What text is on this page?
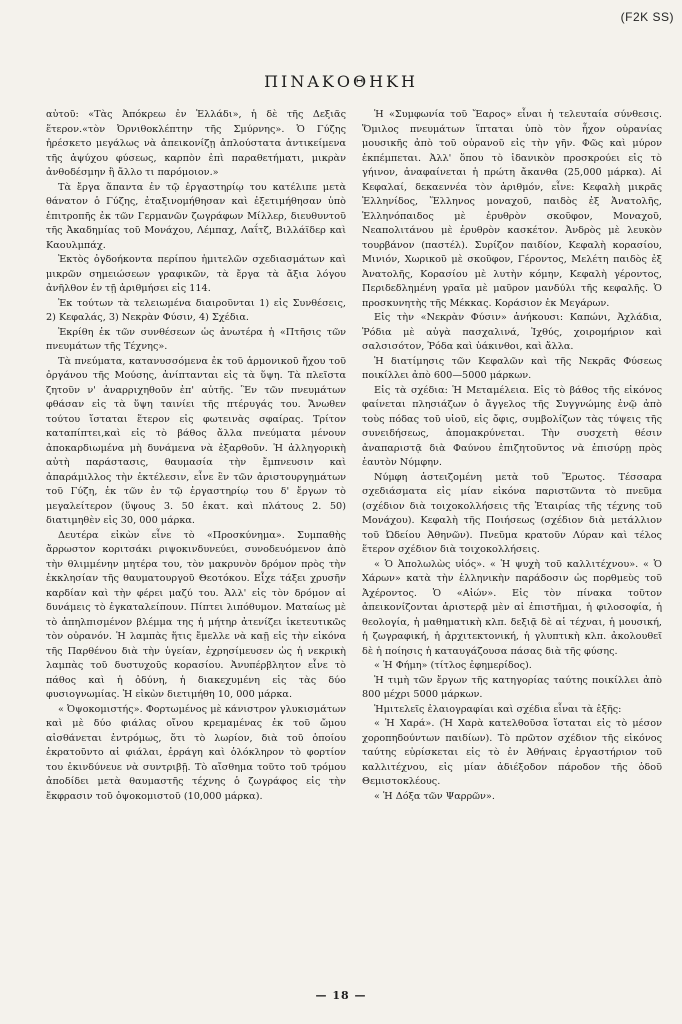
(F2K SS)
ΠΙΝΑΚΟΘΗΚΗ

αὐτοῦ: «Τὰς Ἀπόκρεω ἐν Ἑλλάδι», ἡ δὲ τῆς Δεξιᾶς ἕτερον.«τὸν Ὀρνιθοκλέπτην τῆς Σμύρνης». Ὁ Γύζης ἠρέσκετο μεγάλως νὰ ἀπεικονίζῃ ἀπλούστατα ἀντικείμενα τῆς ἀψύχου φύσεως, καρπὸν ἐπὶ παραθετήματι, μικρὰν ἀνθοδέσμην ἢ ἄλλο τι παρόμοιον.»

Τὰ ἔργα ἅπαντα ἐν τῷ ἐργαστηρίῳ του κατέλιπε μετὰ θάνατον ὁ Γύζης, ἐταξινομήθησαν καὶ ἐξετιμήθησαν ὑπὸ ἐπιτροπῆς ἐκ τῶν Γερμανῶν ζωγράφων Μίλλερ, διευθυντοῦ τῆς Ἀκαδημίας τοῦ Μονάχου, Λέμπαχ, Λαΐτζ, Βιλλάϊδερ καὶ Καουλμπάχ.

Ἐκτὸς ὀγδοήκοντα περίπου ἡμιτελῶν σχεδιασμάτων καὶ μικρῶν σημειώσεων γραφικῶν, τὰ ἔργα τὰ ἄξια λόγου ἀνῆλθον ἐν τῇ ἀριθμήσει εἰς 114.

Ἐκ τούτων τὰ τελειωμένα διαιροῦνται 1) εἰς Συνθέσεις, 2) Κεφαλάς, 3) Νεκρὰν Φύσιν, 4) Σχέδια.

Ἐκρίθη ἐκ τῶν συνθέσεων ὡς ἀνωτέρα ἡ «Πτῆσις τῶν πνευμάτων τῆς Τέχνης».

Τὰ πνεύματα, κατανυσσόμενα ἐκ τοῦ ἁρμονικοῦ ἤχου τοῦ ὀργάνου τῆς Μούσης, ἀνίπτανται εἰς τὰ ὕψη. Τὰ πλεῖστα ζητοῦν ν' ἁναρριχηθοῦν ἐπ' αὐτῆς. Ἓν τῶν πνευμάτων φθάσαν εἰς τὰ ὕψη ταινίει τῆς πτέρυγάς του. Ἄνωθεν τούτου ἵσταται ἕτερον εἰς φωτεινὰς σφαίρας. Τρίτον καταπίπτει,καὶ εἰς τὸ βάθος ἄλλα πνεύματα μένουν ἀποκαρδιωμένα μὴ δυνάμενα νὰ ἐξαρθοῦν. Ἡ ἀλληγορικὴ αὐτὴ παράστασις, θαυμασία τὴν ἔμπνευσιν καὶ ἀπαράμιλλος τὴν ἐκτέλεσιν, εἶνε ἓν τῶν ἀριστουργημάτων τοῦ Γύζη, ἐκ τῶν ἐν τῷ ἐργαστηρίῳ του δ' ἔργων τὸ μεγαλείτερον (ὕψους 3. 50 ἑκατ. καὶ πλάτους 2. 50) διατιμηθὲν εἰς 30, 000 μάρκα.

Δευτέρα εἰκὼν εἶνε τὸ «Προσκύνημα». Συμπαθὴς ἄρρωστον κοριτσάκι ριψοκινδυνεύει, συνοδευόμενον ἀπὸ τὴν θλιμμένην μητέρα του, τὸν μακρυνὸν δρόμον πρὸς τὴν ἐκκλησίαν τῆς θαυματουργοῦ Θεοτόκου. Εἶχε τάξει χρυσῆν καρδίαν καὶ τὴν φέρει μαζύ του. Ἀλλ' εἰς τὸν δρόμον αἱ δυνάμεις τὸ ἐγκαταλείπουν. Πίπτει λιπόθυμον. Ματαίως μὲ τὸ ἀπηλπισμένον βλέμμα της ἡ μήτηρ ἀτενίζει ἱκετευτικῶς τὸν οὐρανόν. Ἡ λαμπὰς ἥτις ἔμελλε νὰ καῇ εἰς τὴν εἰκόνα τῆς Παρθένου διὰ τὴν ὑγείαν, ἐχρησίμευσεν ὡς ἡ νεκρικὴ λαμπὰς τοῦ δυστυχοῦς κορασίου. Ἀνυπέρβλητον εἶνε τὸ πάθος καὶ ἡ ὀδύνη, ἡ διακεχυμένη εἰς τὰς δύο φυσιογνωμίας. Ἡ εἰκὼν διετιμήθη 10, 000 μάρκα.

« Ὀψοκομιστής». Φορτωμένος μὲ κάνιστρον γλυκισμάτων καὶ μὲ δύο φιάλας οἴνου κρεμαμένας ἐκ τοῦ ὤμου αἰσθάνεται ἐντρόμως, ὅτι τὸ λωρίον, διὰ τοῦ ὁποίου ἐκρατοῦντο αἱ φιάλαι, ἐρράγη καὶ ὁλόκληρον τὸ φορτίον του ἐκινδύνευε νὰ συντριβῇ. Τὸ αἴσθημα τοῦτο τοῦ τρόμου ἀποδίδει μετὰ θαυμαστῆς τέχνης ὁ ζωγράφος εἰς τὴν ἔκφρασιν τοῦ ὀψοκομιστοῦ (10,000 μάρκα).

Ἡ «Συμφωνία τοῦ Ἔαρος» εἶναι ἡ τελευταία σύνθεσις. Ὅμιλος πνευμάτων ἵπταται ὑπὸ τὸν ἦχον οὐρανίας μουσικῆς ἀπὸ τοῦ οὐρανοῦ εἰς τὴν γῆν. Φῶς καὶ μύρον ἐκπέμπεται. Ἀλλ' ὅπου τὸ ἰδανικὸν προσκρούει εἰς τὸ γήινον, ἀναφαίνεται ἡ πρώτη ἄκανθα (25,000 μάρκα). Αἱ Κεφαλαί, δεκαεννέα τὸν ἀριθμόν, εἶνε: Κεφαλὴ μικρᾶς Ἑλληνίδος, Ἕλληνος μοναχοῦ, παιδὸς ἐξ Ἀνατολῆς, Ἑλληνόπαιδος μὲ ἐρυθρὸν σκοῦφον, Μοναχοῦ, Νεαπολιτάνου μὲ ἐρυθρὸν κασκέτον. Ἀνδρὸς μὲ λευκὸν τουρβάνον (παστέλ). Συρίζον παιδίον, Κεφαλὴ κορασίου, Μινιόν, Χωρικοῦ μὲ σκοῦφον, Γέροντος, Μελέτη παιδὸς ἐξ Ἀνατολῆς, Κορασίου μὲ λυτὴν κόμην, Κεφαλὴ γέροντος, Περιδεδλημένη γραῖα μὲ μαῦρον μανδύλι τῆς κεφαλῆς. Ὁ προσκυνητὴς τῆς Μέκκας. Κοράσιον ἐκ Μεγάρων.

Εἰς τὴν «Νεκρὰν Φύσιν» ἀνήκουσι: Καπώνι, Ἀχλάδια, Ῥόδια μὲ αὐγὰ πασχαλινά, Ἰχθύς, χοιρομήριον καὶ σαλσισότον, Ῥόδα καὶ ὑάκινθοι, καὶ ἄλλα.

Ἡ διατίμησις τῶν Κεφαλῶν καὶ τῆς Νεκρᾶς Φύσεως ποικίλλει ἀπὸ 600—5000 μάρκων.

Εἰς τὰ σχέδια: Ἡ Μεταμέλεια. Εἰς τὸ βάθος τῆς εἰκόνος φαίνεται πλησιάζων ὁ ἄγγελος τῆς Συγγνώμης ἐνῷ ἀπὸ τοὺς πόδας τοῦ υἱοῦ, εἰς ὄφις, συμβολίζων τὰς τύψεις τῆς συνειδήσεως, ἀπομακρύνεται. Τὴν συσχετὴ θέσιν ἀναπαριστᾷ διὰ Φαύνου ἐπιζητοῦντος νὰ ἐπισύρῃ πρὸς ἑαυτὸν Νύμφην.

Νύμφη ἀστειζομένη μετὰ τοῦ Ἔρωτος. Τέσσαρα σχεδιάσματα εἰς μίαν εἰκόνα παριστῶντα τὸ πνεῦμα (σχέδιον διὰ τοιχοκολλήσεις τῆς Ἑταιρίας τῆς τέχνης τοῦ Μονάχου). Κεφαλὴ τῆς Ποιήσεως (σχέδιον διὰ μετάλλιον τοῦ Ὠδείου Ἀθηνῶν). Πνεῦμα κρατοῦν Λύραν καὶ τέλος ἕτερον σχέδιον διὰ τοιχοκολλήσεις.

« Ὁ Ἀπολωλὼς υἱός». « Ἡ ψυχὴ τοῦ καλλιτέχνου». « Ὁ Χάρων» κατὰ τὴν ἑλληνικὴν παράδοσιν ὡς πορθμεὺς τοῦ Ἀχέροντος. Ὁ «Αἰών». Εἰς τὸν πίνακα τοῦτον ἀπεικονίζονται ἀριστερᾷ μὲν αἱ ἐπιστῆμαι, ἡ φιλοσοφία, ἡ θεολογία, ἡ μαθηματικὴ κλπ. δεξιᾷ δὲ αἱ τέχναι, ἡ μουσική, ἡ ζωγραφική, ἡ ἀρχιτεκτονική, ἡ γλυπτικὴ κλπ. ἀκολουθεῖ δὲ ἡ ποίησις ἡ καταυγάζουσα πάσας διὰ τῆς φύσης.

« Ἡ Φήμη» (τίτλος ἐφημερίδος).

Ἡ τιμὴ τῶν ἔργων τῆς κατηγορίας ταύτης ποικίλλει ἀπὸ 800 μέχρι 5000 μάρκων.

Ἡμιτελεῖς ἐλαιογραφίαι καὶ σχέδια εἶναι τὰ ἑξῆς:

« Ἡ Χαρά». (Ἡ Χαρὰ κατελθοῦσα ἵσταται εἰς τὸ μέσον χοροπηδούντων παιδίων). Τὸ πρῶτον σχέδιον τῆς εἰκόνος ταύτης εὑρίσκεται εἰς τὸ ἐν Ἀθήναις ἐργαστήριον τοῦ καλλιτέχνου, εἰς μίαν ἀδιέξοδον πάροδον τῆς ὁδοῦ Θεμιστοκλέους.

« Ἡ Δόξα τῶν Ψαρρῶν».

— 18 —
